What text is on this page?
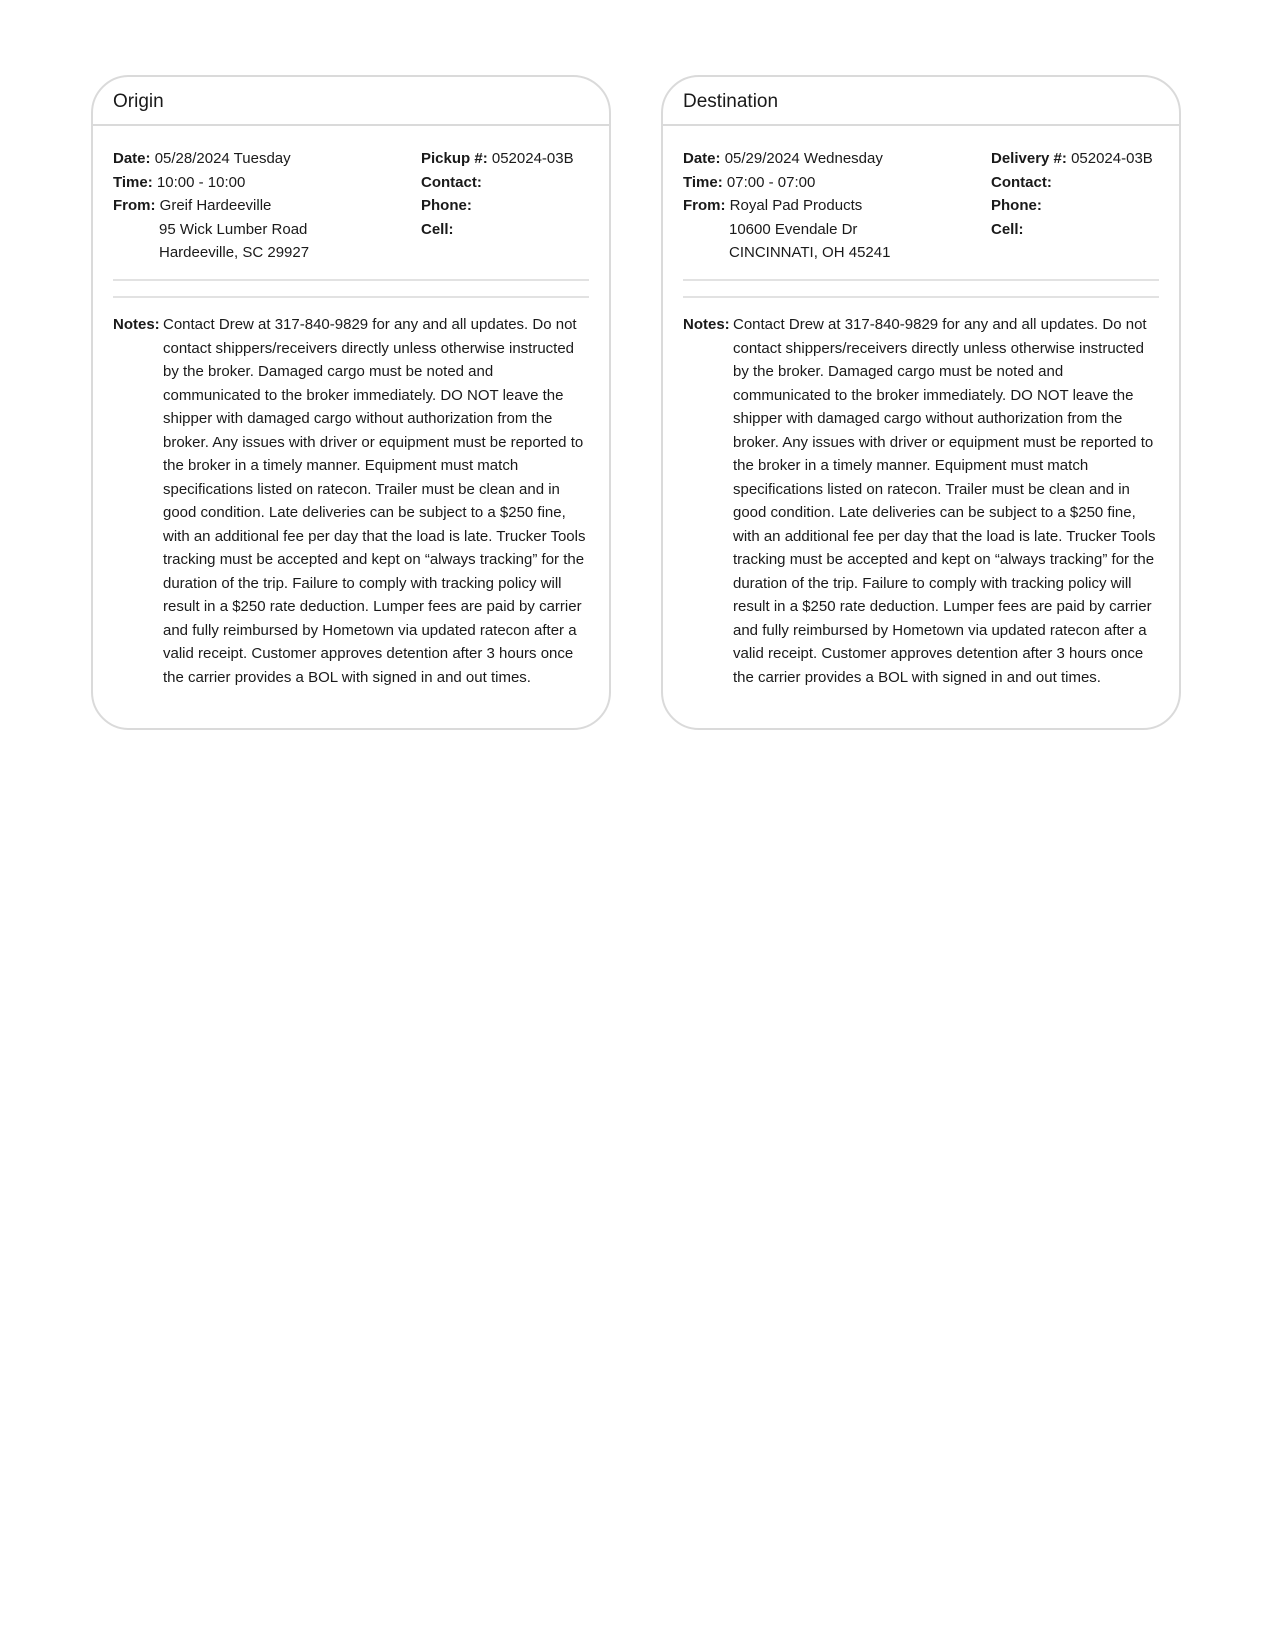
Origin
Date: 05/28/2024 Tuesday
Time: 10:00 - 10:00
From: Greif Hardeeville
95 Wick Lumber Road
Hardeeville, SC 29927
Pickup #: 052024-03B
Contact:
Phone:
Cell:
Notes: Contact Drew at 317-840-9829 for any and all updates. Do not contact shippers/receivers directly unless otherwise instructed by the broker. Damaged cargo must be noted and communicated to the broker immediately. DO NOT leave the shipper with damaged cargo without authorization from the broker. Any issues with driver or equipment must be reported to the broker in a timely manner. Equipment must match specifications listed on ratecon. Trailer must be clean and in good condition. Late deliveries can be subject to a $250 fine, with an additional fee per day that the load is late. Trucker Tools tracking must be accepted and kept on “always tracking” for the duration of the trip. Failure to comply with tracking policy will result in a $250 rate deduction. Lumper fees are paid by carrier and fully reimbursed by Hometown via updated ratecon after a valid receipt. Customer approves detention after 3 hours once the carrier provides a BOL with signed in and out times.
Destination
Date: 05/29/2024 Wednesday
Time: 07:00 - 07:00
From: Royal Pad Products
10600 Evendale Dr
CINCINNATI, OH 45241
Delivery #: 052024-03B
Contact:
Phone:
Cell:
Notes: Contact Drew at 317-840-9829 for any and all updates. Do not contact shippers/receivers directly unless otherwise instructed by the broker. Damaged cargo must be noted and communicated to the broker immediately. DO NOT leave the shipper with damaged cargo without authorization from the broker. Any issues with driver or equipment must be reported to the broker in a timely manner. Equipment must match specifications listed on ratecon. Trailer must be clean and in good condition. Late deliveries can be subject to a $250 fine, with an additional fee per day that the load is late. Trucker Tools tracking must be accepted and kept on “always tracking” for the duration of the trip. Failure to comply with tracking policy will result in a $250 rate deduction. Lumper fees are paid by carrier and fully reimbursed by Hometown via updated ratecon after a valid receipt. Customer approves detention after 3 hours once the carrier provides a BOL with signed in and out times.
